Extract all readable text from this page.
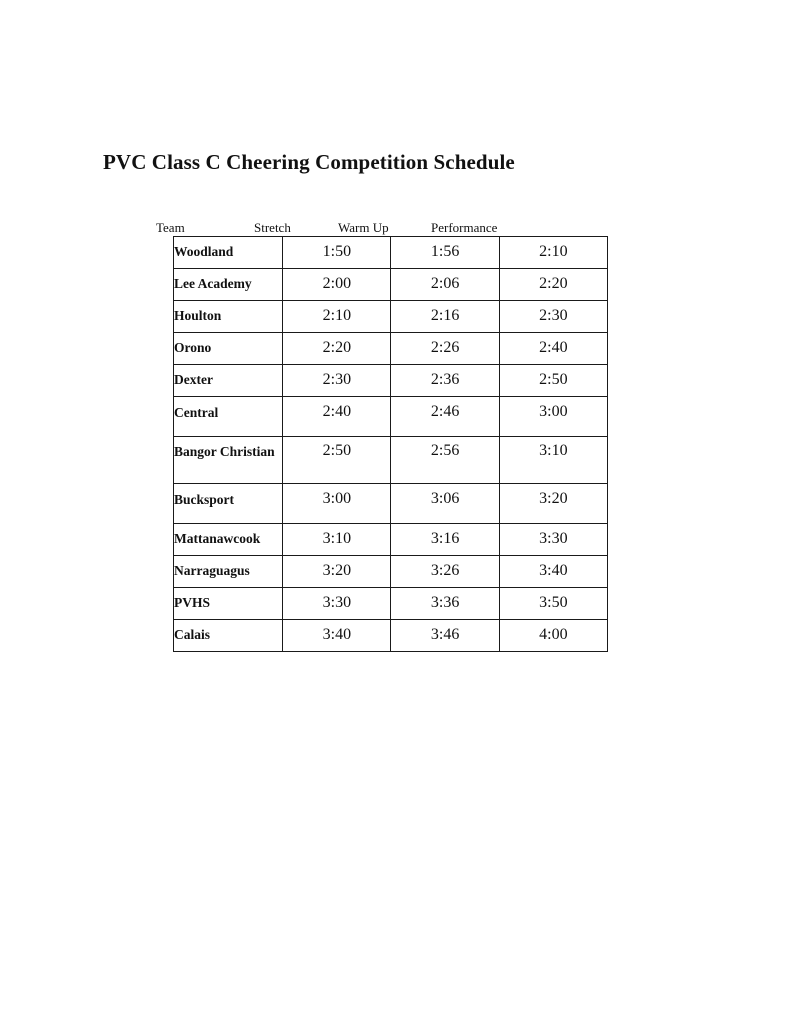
PVC Class C Cheering Competition Schedule
Team	Stretch	Warm Up	Performance
Woodland	1:50	1:56	2:10
Lee Academy	2:00	2:06	2:20
Houlton	2:10	2:16	2:30
Orono	2:20	2:26	2:40
Dexter	2:30	2:36	2:50
Central	2:40	2:46	3:00
Bangor Christian	2:50	2:56	3:10
Bucksport	3:00	3:06	3:20
Mattanawcook	3:10	3:16	3:30
Narraguagus	3:20	3:26	3:40
PVHS	3:30	3:36	3:50
Calais	3:40	3:46	4:00
